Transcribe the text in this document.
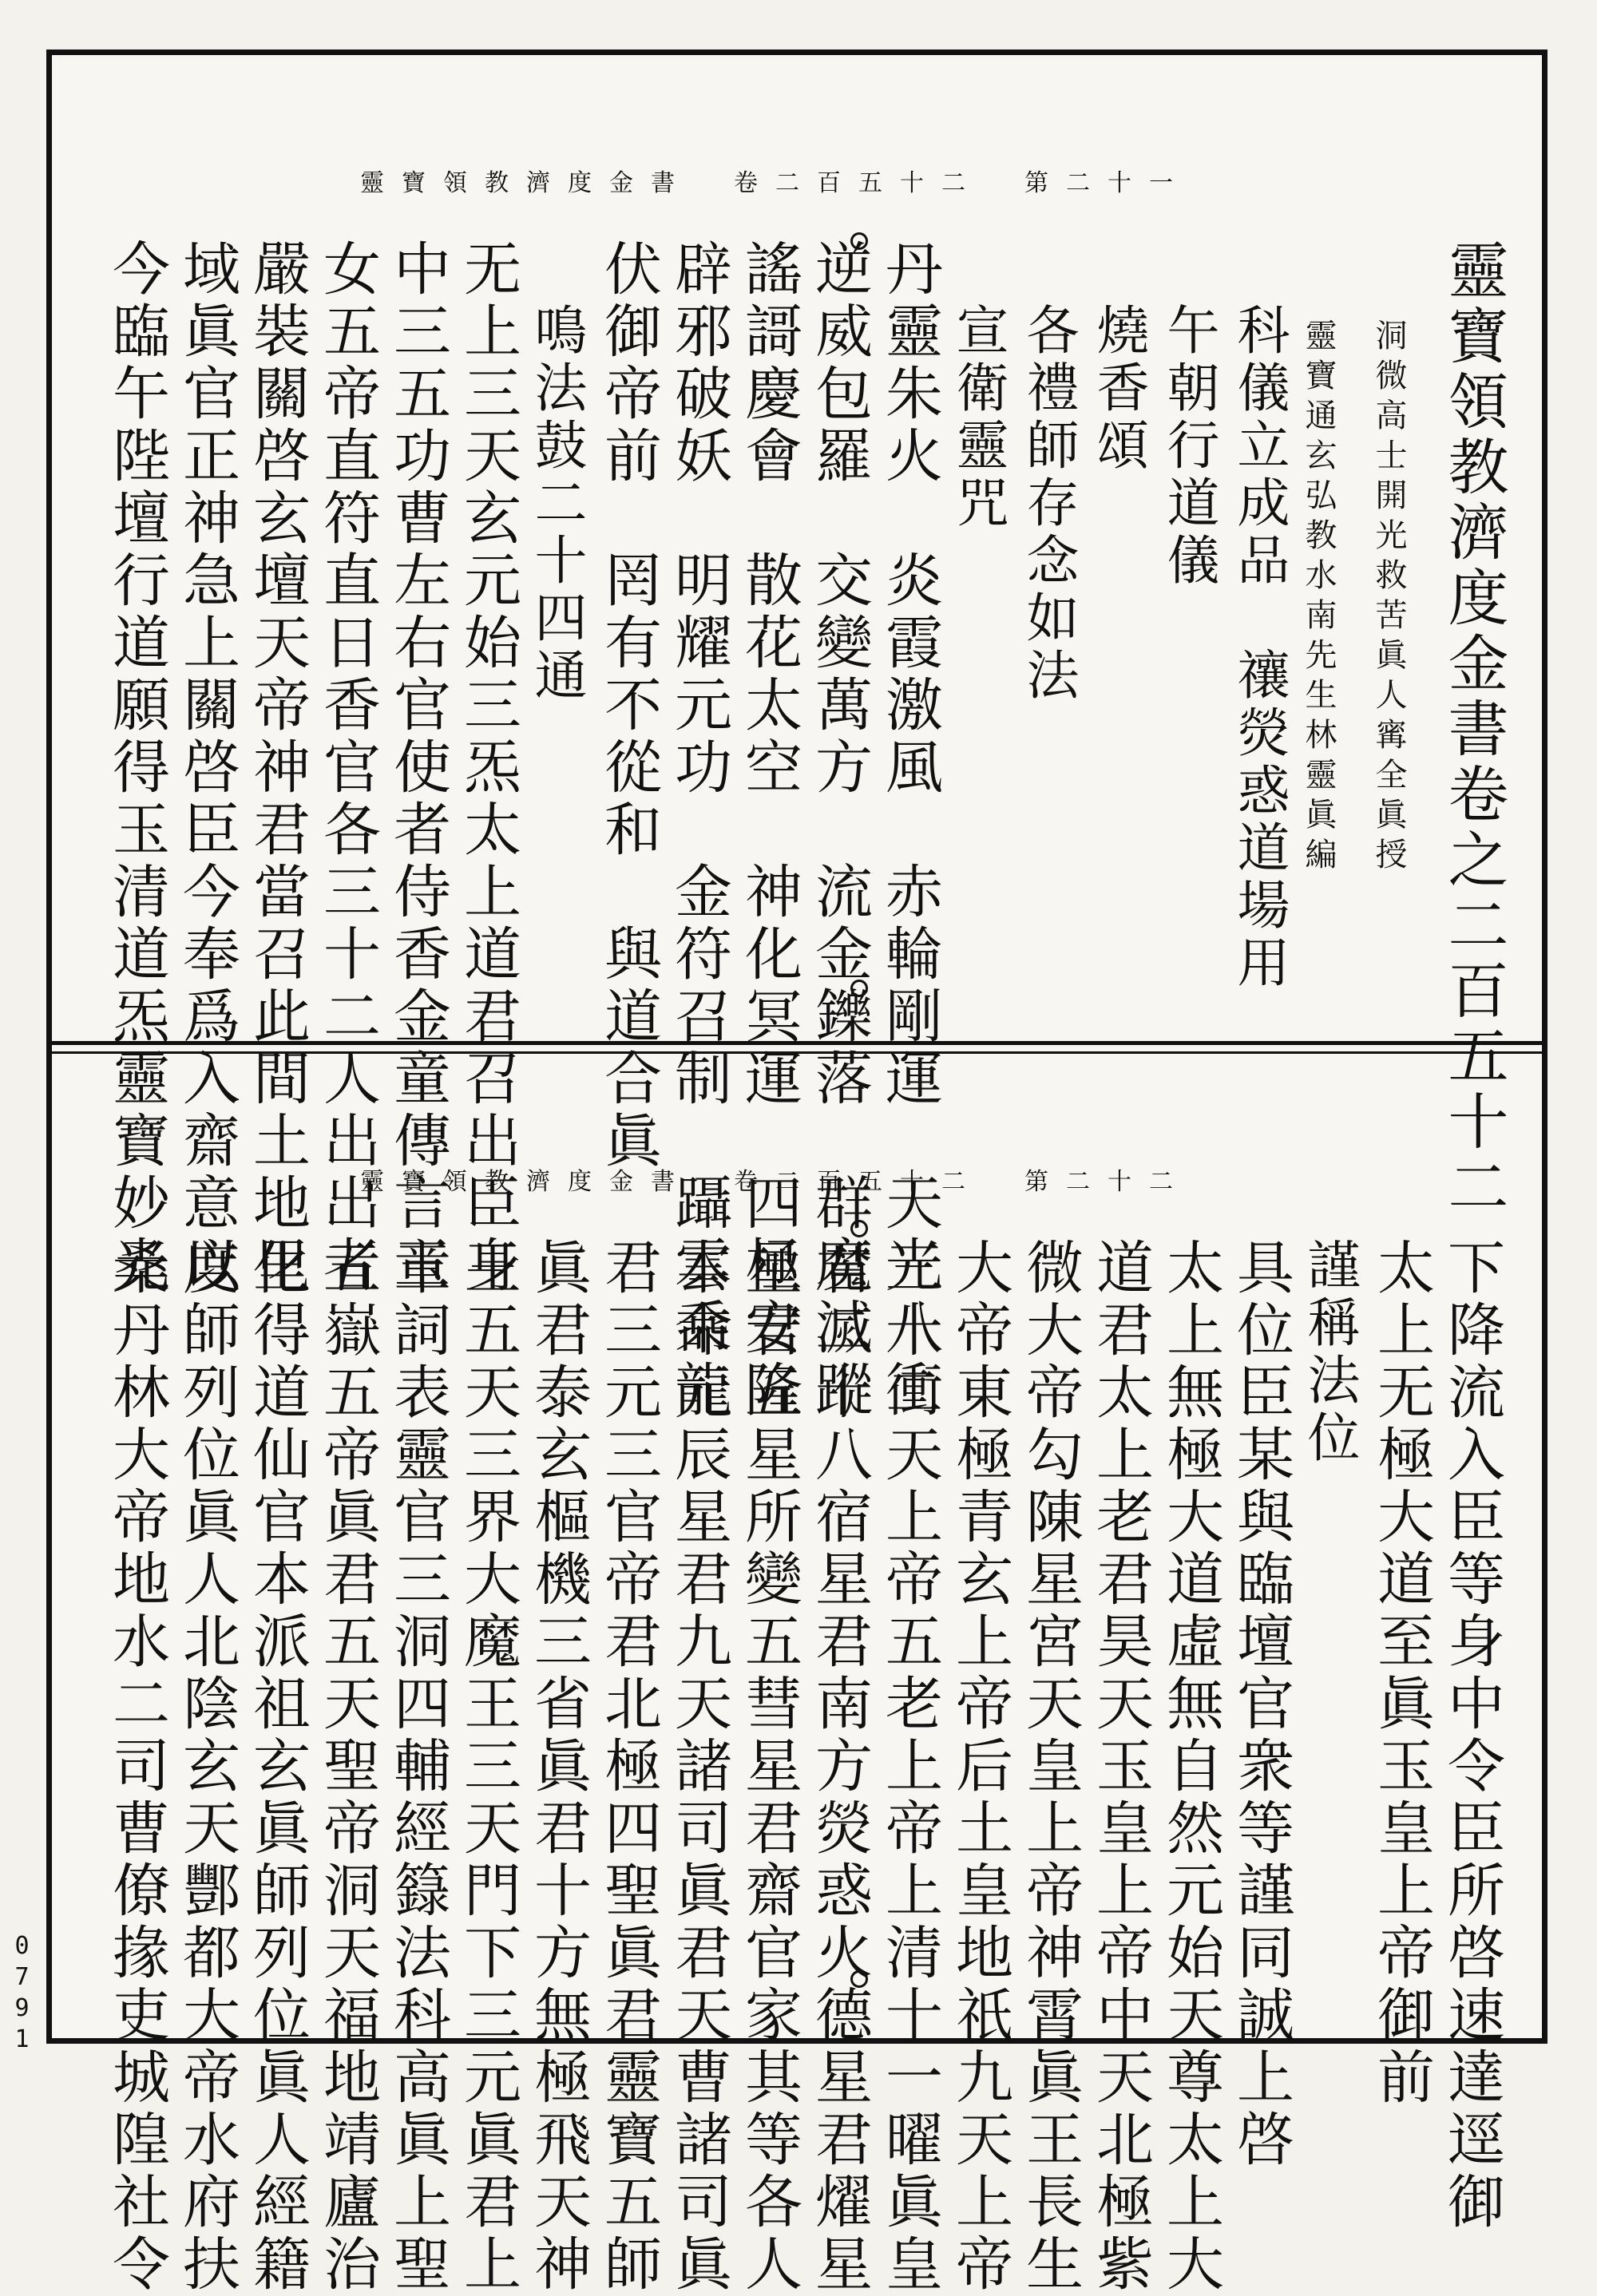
0791
靈寶領教濟度金書　卷二百五十二　第二十一
靈寶領教濟度金書卷之二百五十二
洞微高士開光救苦眞人寗全眞授
靈寶通玄弘教水南先生林靈眞編
科儀立成品　禳熒惑道場用
午朝行道儀
燒香頌
各禮師存念如法
宣衛靈咒
丹靈朱火　炎霞激風　赤輪剛運　天光八衝
逆威包羅　交變萬方　流金鑠落　群魔滅蹤
謠謌慶會　散花太空　神化冥運　四極安隆
辟邪破妖　明耀元功　金符召制　躡雲乘龍
伏御帝前　罔有不從和　與道合眞
鳴法鼓二十四通
无上三天玄元始三炁太上道君召出臣身
中三五功曹左右官使者侍香金童傳言玉
女五帝直符直日香官各三十二人出出者
嚴裝關啓玄壇天帝神君當召此間土地里
域眞官正神急上關啓臣今奉爲入齋意以
今臨午陛壇行道願得玉清道炁靈寶妙光	靈寶領教濟度金書　卷二百五十二　第二十二
下降流入臣等身中令臣所啓速達逕御
太上无極大道至眞玉皇上帝御前
謹稱法位
具位臣某與臨壇官衆等謹同誠上啓
太上無極大道虛無自然元始天尊太上大
道君太上老君昊天玉皇上帝中天北極紫
微大帝勾陳星宮天皇上帝神霄眞王長生
大帝東極青玄上帝后土皇地祇九天上帝
三十二天上帝五老上帝上清十一曜眞皇
君二十八宿星君南方熒惑火德星君燿星
星君五星所變五彗星君齋官家其等各人
本命元辰星君九天諸司眞君天曹諸司眞
君三元三官帝君北極四聖眞君靈寶五師
眞君泰玄樞機三省眞君十方無極飛天神
王五天三界大魔王三天門下三元眞君上
章詞表靈官三洞四輔經籙法科高眞上聖
五嶽五帝眞君五天聖帝洞天福地靖廬治
化得道仙官本派祖玄眞師列位眞人經籍
度師列位眞人北陰玄天酆都大帝水府扶
桑丹林大帝地水二司曹僚掾吏城隍社令
